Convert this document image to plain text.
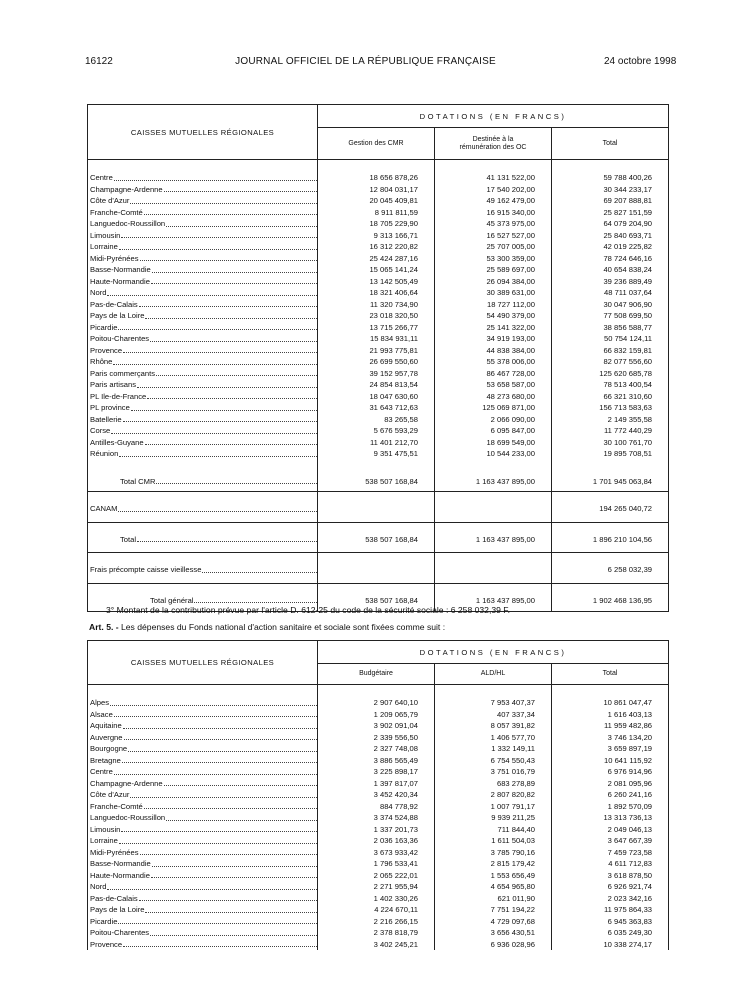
16122	JOURNAL OFFICIEL DE LA RÉPUBLIQUE FRANÇAISE	24 octobre 1998
CAISSES MUTUELLES RÉGIONALES	DOTATIONS (EN FRANCS)		

	Gestion des CMR	Destinée à la rémunération des OC	Total

Centre	18 656 878,26	41 131 522,00	59 788 400,26

Champagne-Ardenne	12 804 031,17	17 540 202,00	30 344 233,17

Côte d'Azur	20 045 409,81	49 162 479,00	69 207 888,81

Franche-Comté	8 911 811,59	16 915 340,00	25 827 151,59

Languedoc-Roussillon	18 705 229,90	45 373 975,00	64 079 204,90

Limousin	9 313 166,71	16 527 527,00	25 840 693,71

Lorraine	16 312 220,82	25 707 005,00	42 019 225,82

Midi-Pyrénées	25 424 287,16	53 300 359,00	78 724 646,16

Basse-Normandie	15 065 141,24	25 589 697,00	40 654 838,24

Haute-Normandie	13 142 505,49	26 094 384,00	39 236 889,49

Nord	18 321 406,64	30 389 631,00	48 711 037,64

Pas-de-Calais	11 320 734,90	18 727 112,00	30 047 906,90

Pays de la Loire	23 018 320,50	54 490 379,00	77 508 699,50

Picardie	13 715 266,77	25 141 322,00	38 856 588,77

Poitou-Charentes	15 834 931,11	34 919 193,00	50 754 124,11

Provence	21 993 775,81	44 838 384,00	66 832 159,81

Rhône	26 699 550,60	55 378 006,00	82 077 556,60

Paris commerçants	39 152 957,78	86 467 728,00	125 620 685,78

Paris artisans	24 854 813,54	53 658 587,00	78 513 400,54

PL Ile-de-France	18 047 630,60	48 273 680,00	66 321 310,60

PL province	31 643 712,63	125 069 871,00	156 713 583,63

Batellerie	83 265,58	2 066 090,00	2 149 355,58

Corse	5 676 593,29	6 095 847,00	11 772 440,29

Antilles-Guyane	11 401 212,70	18 699 549,00	30 100 761,70

Réunion	9 351 475,51	10 544 233,00	19 895 708,51

Total CMR	538 507 168,84	1 163 437 895,00	1 701 945 063,84

CANAM			194 265 040,72

Total	538 507 168,84	1 163 437 895,00	1 896 210 104,56

Frais précompte caisse vieillesse			6 258 032,39

Total général	538 507 168,84	1 163 437 895,00	1 902 468 136,95
3° Montant de la contribution prévue par l'article D. 612-25 du code de la sécurité sociale : 6 258 032,39 F.
Art. 5. - Les dépenses du Fonds national d'action sanitaire et sociale sont fixées comme suit :
CAISSES MUTUELLES RÉGIONALES	DOTATIONS (EN FRANCS)		

	Budgétaire	ALD/HL	Total

Alpes	2 907 640,10	7 953 407,37	10 861 047,47

Alsace	1 209 065,79	407 337,34	1 616 403,13

Aquitaine	3 902 091,04	8 057 391,82	11 959 482,86

Auvergne	2 339 556,50	1 406 577,70	3 746 134,20

Bourgogne	2 327 748,08	1 332 149,11	3 659 897,19

Bretagne	3 886 565,49	6 754 550,43	10 641 115,92

Centre	3 225 898,17	3 751 016,79	6 976 914,96

Champagne-Ardenne	1 397 817,07	683 278,89	2 081 095,96

Côte d'Azur	3 452 420,34	2 807 820,82	6 260 241,16

Franche-Comté	884 778,92	1 007 791,17	1 892 570,09

Languedoc-Roussillon	3 374 524,88	9 939 211,25	13 313 736,13

Limousin	1 337 201,73	711 844,40	2 049 046,13

Lorraine	2 036 163,36	1 611 504,03	3 647 667,39

Midi-Pyrénées	3 673 933,42	3 785 790,16	7 459 723,58

Basse-Normandie	1 796 533,41	2 815 179,42	4 611 712,83

Haute-Normandie	2 065 222,01	1 553 656,49	3 618 878,50

Nord	2 271 955,94	4 654 965,80	6 926 921,74

Pas-de-Calais	1 402 330,26	621 011,90	2 023 342,16

Pays de la Loire	4 224 670,11	7 751 194,22	11 975 864,33

Picardie	2 216 266,15	4 729 097,68	6 945 363,83

Poitou-Charentes	2 378 818,79	3 656 430,51	6 035 249,30

Provence	3 402 245,21	6 936 028,96	10 338 274,17
